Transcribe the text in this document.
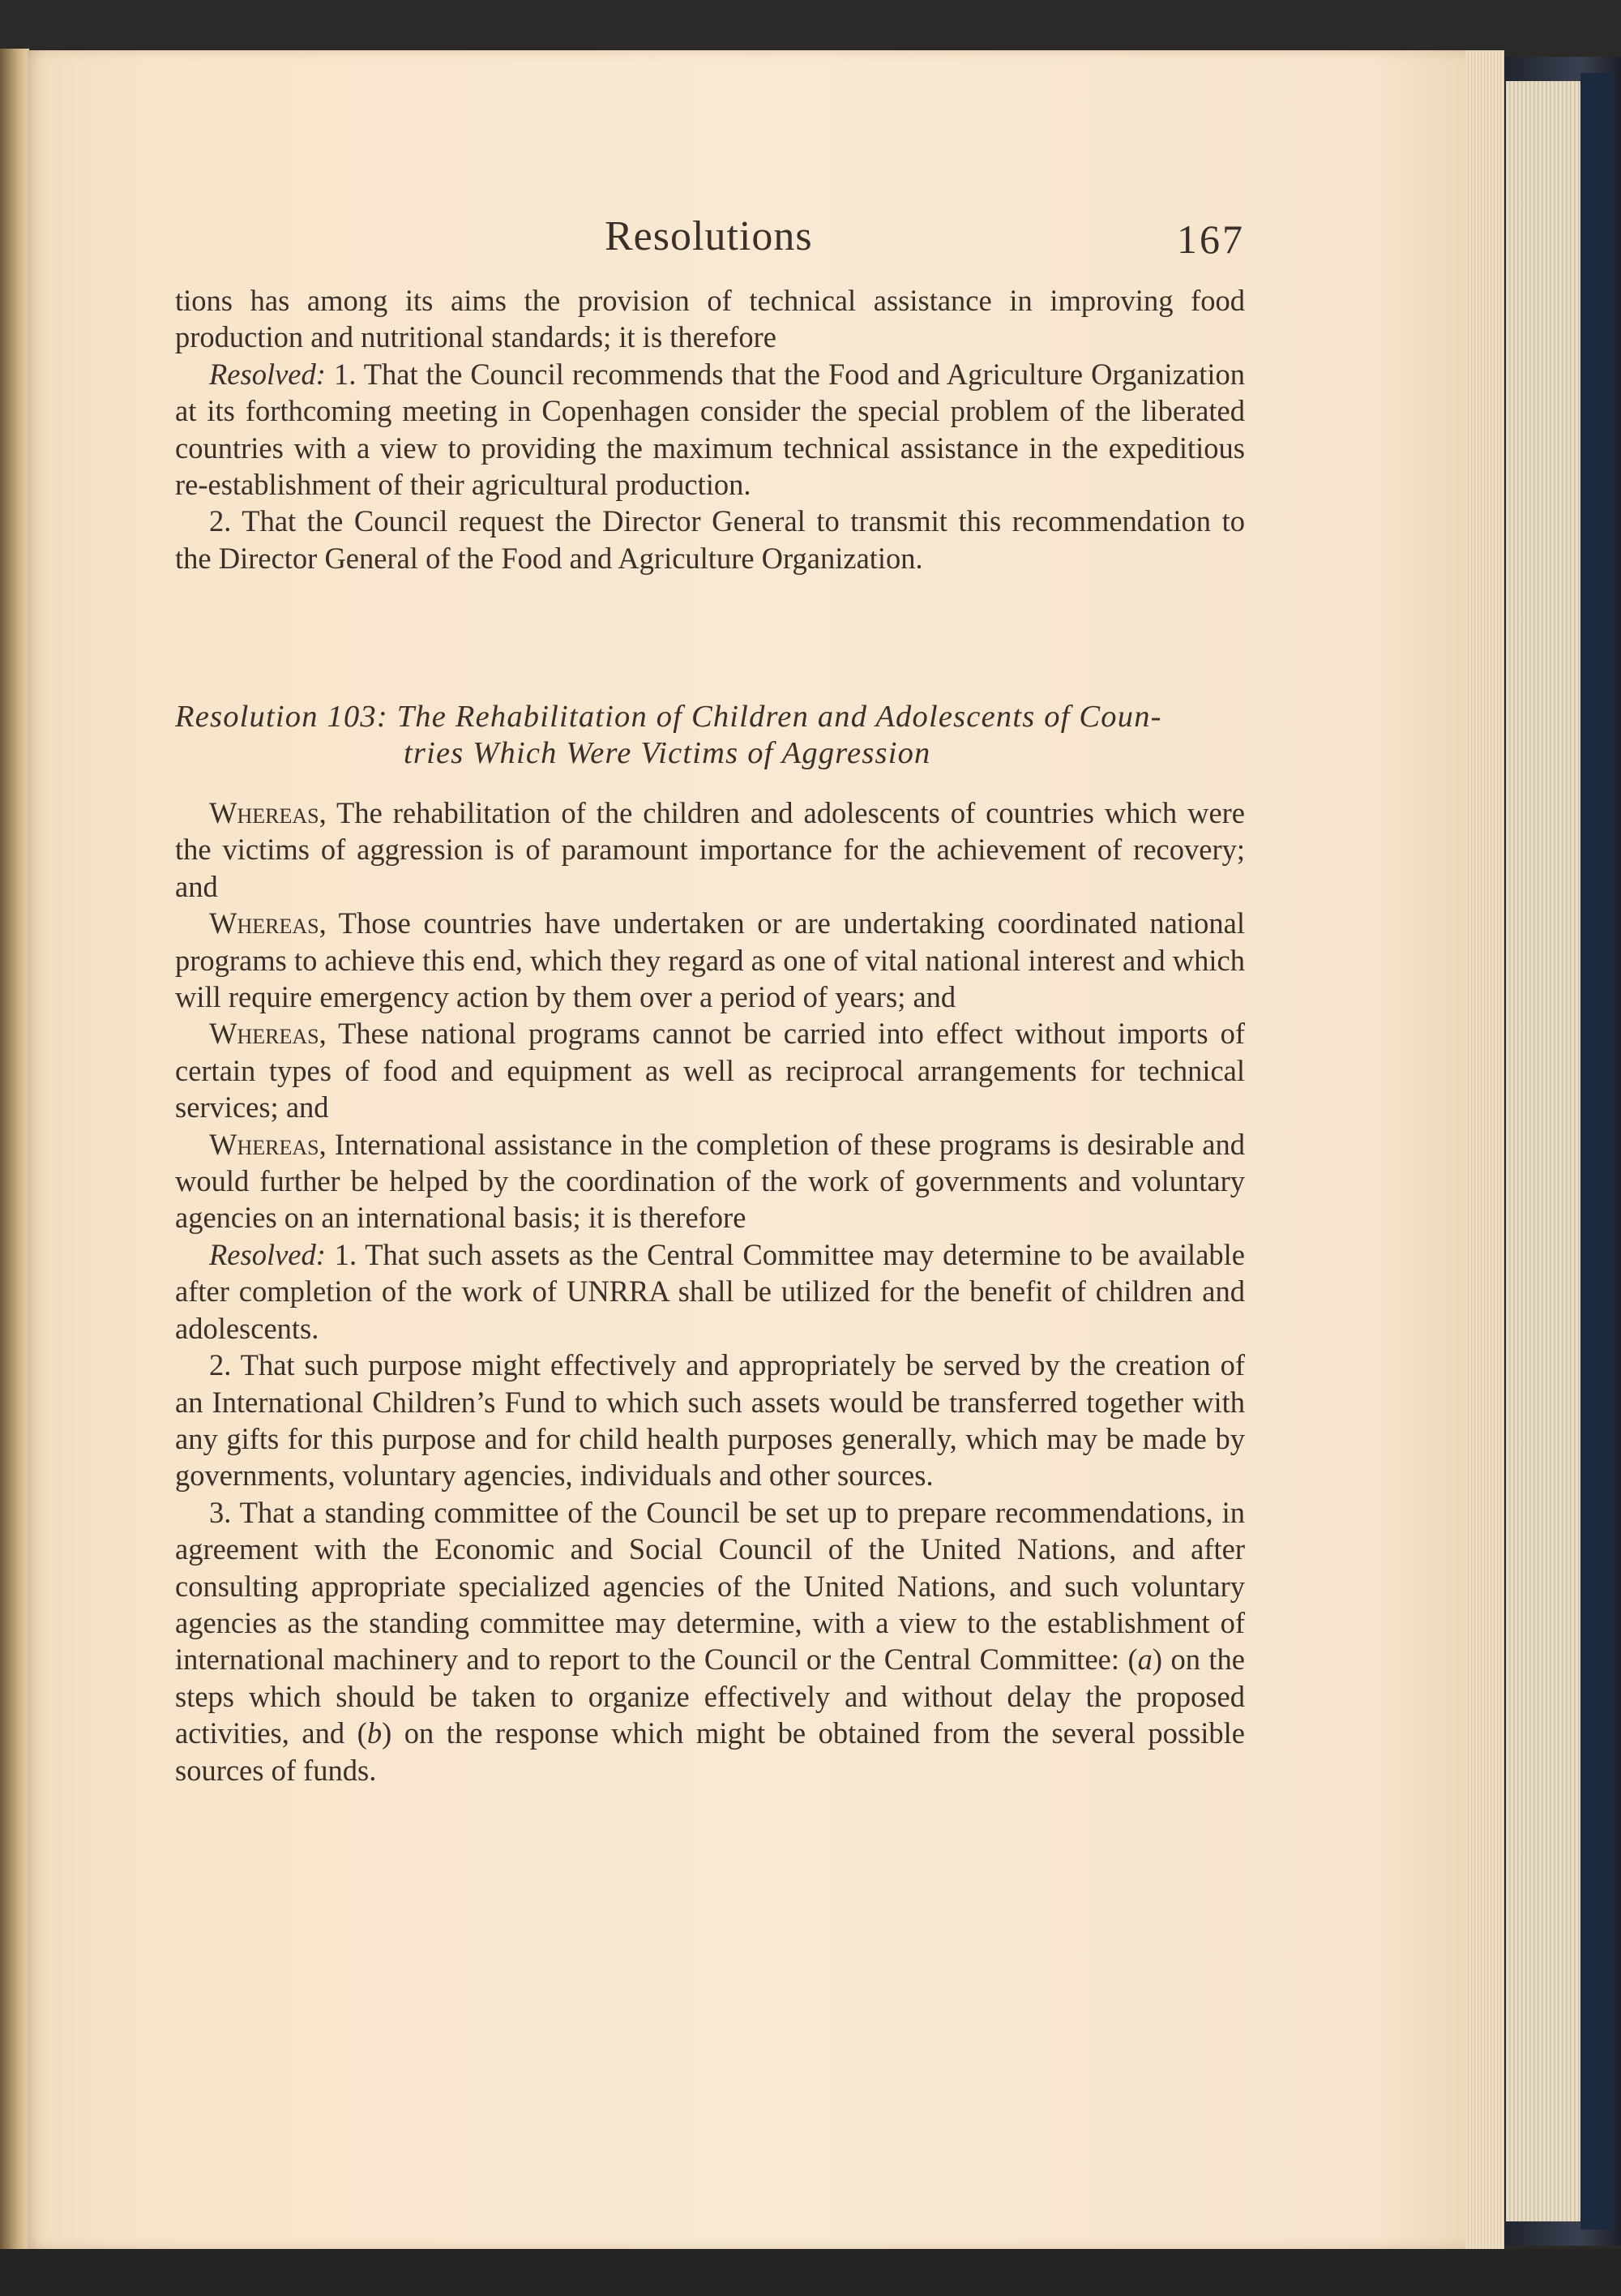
Resolutions	167

tions has among its aims the provision of technical assistance in improving food production and nutritional standards; it is therefore

Resolved: 1. That the Council recommends that the Food and Agriculture Organization at its forthcoming meeting in Copenhagen consider the special problem of the liberated countries with a view to providing the maximum technical assistance in the expeditious re-establishment of their agricultural production.

2. That the Council request the Director General to transmit this recommendation to the Director General of the Food and Agriculture Organization.

Resolution 103: The Rehabilitation of Children and Adolescents of Coun-
tries Which Were Victims of Aggression

Whereas, The rehabilitation of the children and adolescents of countries which were the victims of aggression is of paramount importance for the achievement of recovery; and

Whereas, Those countries have undertaken or are undertaking coordinated national programs to achieve this end, which they regard as one of vital national interest and which will require emergency action by them over a period of years; and

Whereas, These national programs cannot be carried into effect without imports of certain types of food and equipment as well as reciprocal arrangements for technical services; and

Whereas, International assistance in the completion of these programs is desirable and would further be helped by the coordination of the work of governments and voluntary agencies on an international basis; it is therefore

Resolved: 1. That such assets as the Central Committee may determine to be available after completion of the work of UNRRA shall be utilized for the benefit of children and adolescents.

2. That such purpose might effectively and appropriately be served by the creation of an International Children’s Fund to which such assets would be transferred together with any gifts for this purpose and for child health purposes generally, which may be made by governments, voluntary agencies, individuals and other sources.

3. That a standing committee of the Council be set up to prepare recommendations, in agreement with the Economic and Social Council of the United Nations, and after consulting appropriate specialized agencies of the United Nations, and such voluntary agencies as the standing committee may determine, with a view to the establishment of international machinery and to report to the Council or the Central Committee: (a) on the steps which should be taken to organize effectively and without delay the proposed activities, and (b) on the response which might be obtained from the several possible sources of funds.
